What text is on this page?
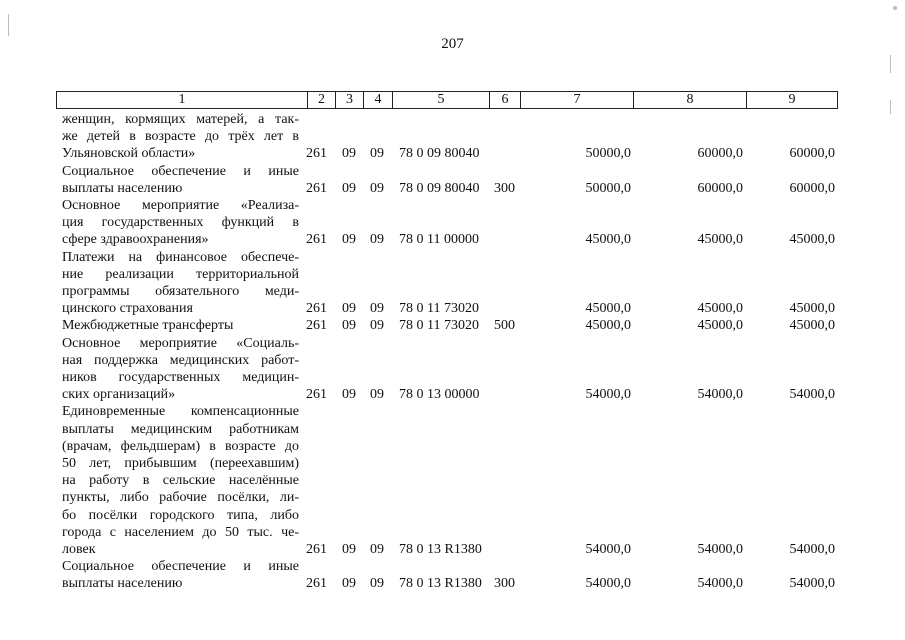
207
1	2	3	4	5	6	7	8	9
женщин, кормящих матерей, а так-
же детей в возрасте до трёх лет в
Ульяновской области»	261 09 09 78 0 09 80040	50000,0	60000,0	60000,0
Социальное обеспечение и иные
выплаты населению	261 09 09 78 0 09 80040 300	50000,0	60000,0	60000,0
Основное мероприятие «Реализа-
ция государственных функций в
сфере здравоохранения»	261 09 09 78 0 11 00000	45000,0	45000,0	45000,0
Платежи на финансовое обеспече-
ние реализации территориальной
программы обязательного меди-
цинского страхования	261 09 09 78 0 11 73020	45000,0	45000,0	45000,0
Межбюджетные трансферты	261 09 09 78 0 11 73020 500	45000,0	45000,0	45000,0
Основное мероприятие «Социаль-
ная поддержка медицинских работ-
ников государственных медицин-
ских организаций»	261 09 09 78 0 13 00000	54000,0	54000,0	54000,0
Единовременные компенсационные
выплаты медицинским работникам
(врачам, фельдшерам) в возрасте до
50 лет, прибывшим (переехавшим)
на работу в сельские населённые
пункты, либо рабочие посёлки, ли-
бо посёлки городского типа, либо
города с населением до 50 тыс. че-
ловек	261 09 09 78 0 13 R1380	54000,0	54000,0	54000,0
Социальное обеспечение и иные
выплаты населению	261 09 09 78 0 13 R1380 300	54000,0	54000,0	54000,0
